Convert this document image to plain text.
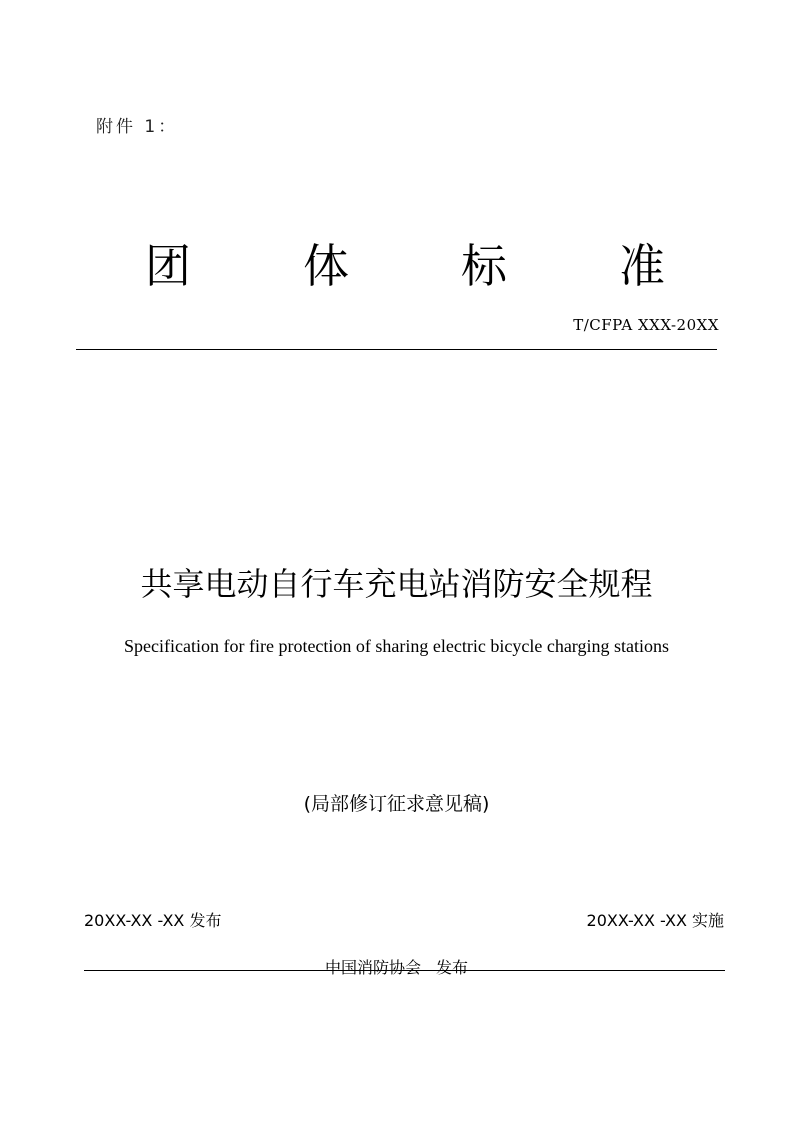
附件 1：
团 体 标 准
T/CFPA XXX-20XX
共享电动自行车充电站消防安全规程
Specification for fire protection of sharing electric bicycle charging stations
(局部修订征求意见稿)
20XX-XX -XX 发布	20XX-XX -XX 实施
中国消防协会 发布
